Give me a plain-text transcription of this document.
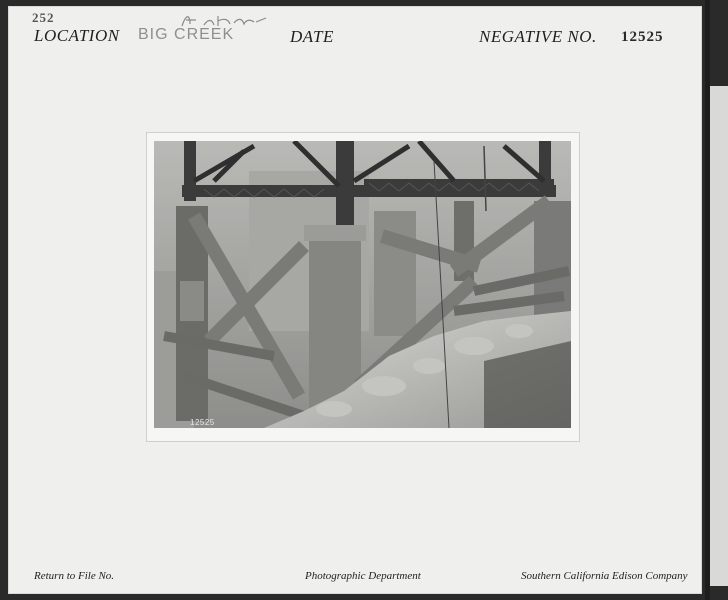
252
LOCATION BIG CREEK	DATE	NEGATIVE NO. 12525
12525
Return to File No.	Photographic Department	Southern California Edison Company
